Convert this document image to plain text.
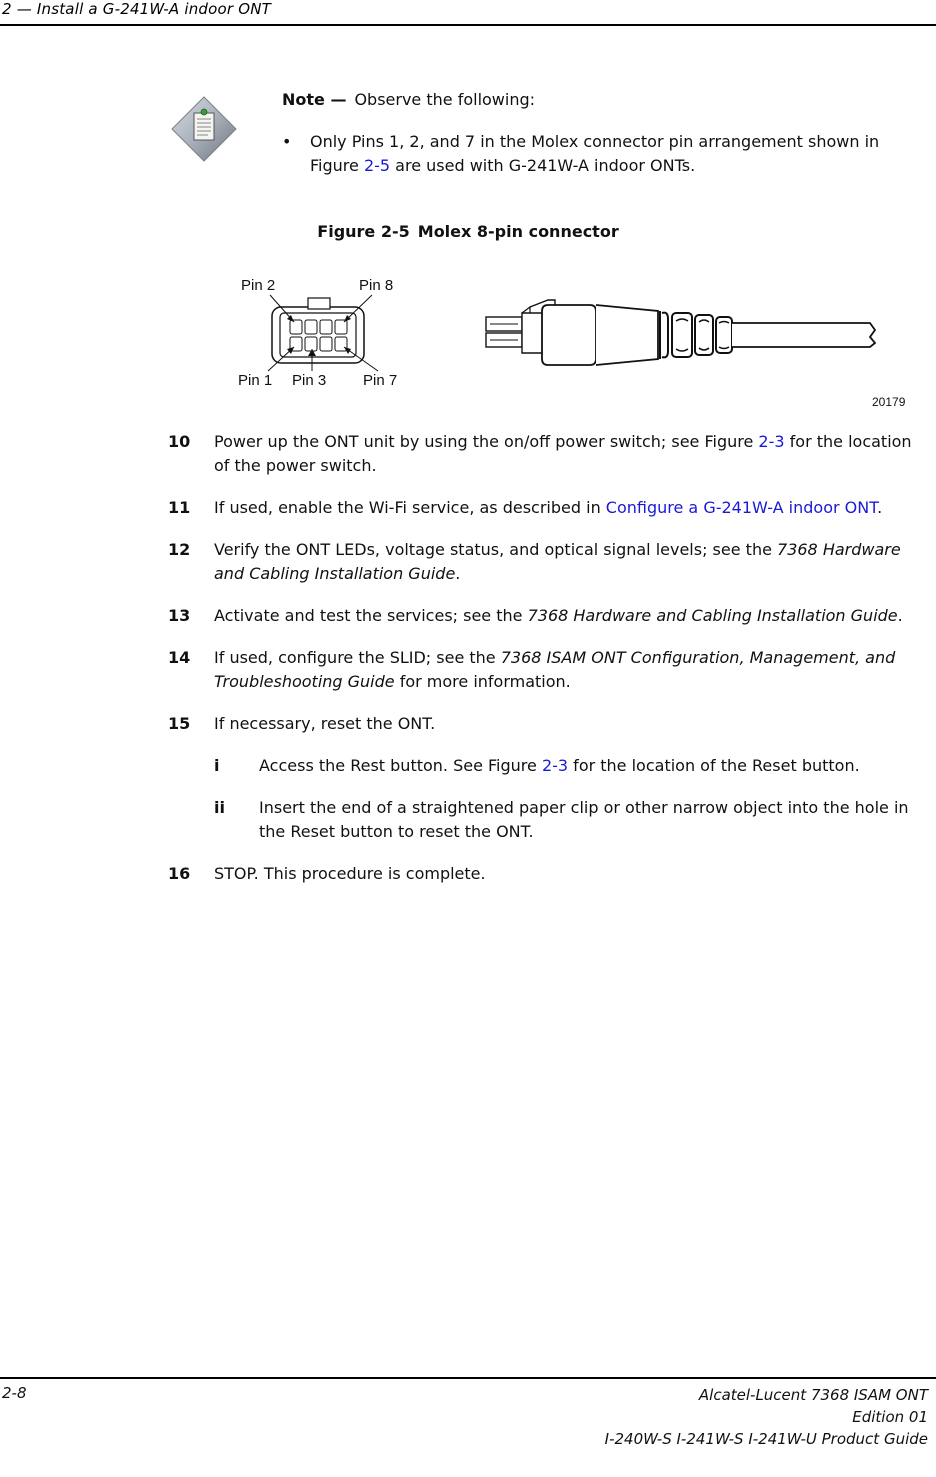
2 — Install a G-241W-A indoor ONT
Note — Observe the following:
• Only Pins 1, 2, and 7 in the Molex connector pin arrangement shown in Figure 2-5 are used with G-241W-A indoor ONTs.
Figure 2-5 Molex 8-pin connector
Pin 2	Pin 8
Pin 1 Pin 3 Pin 7
20179
10 Power up the ONT unit by using the on/off power switch; see Figure 2-3 for the location of the power switch.
11 If used, enable the Wi-Fi service, as described in Configure a G-241W-A indoor ONT.
12 Verify the ONT LEDs, voltage status, and optical signal levels; see the 7368 Hardware and Cabling Installation Guide.
13 Activate and test the services; see the 7368 Hardware and Cabling Installation Guide.
14 If used, configure the SLID; see the 7368 ISAM ONT Configuration, Management, and Troubleshooting Guide for more information.
15 If necessary, reset the ONT.
i Access the Rest button. See Figure 2-3 for the location of the Reset button.
ii Insert the end of a straightened paper clip or other narrow object into the hole in the Reset button to reset the ONT.
16 STOP. This procedure is complete.
2-8	Alcatel-Lucent 7368 ISAM ONT
Edition 01
I-240W-S I-241W-S I-241W-U Product Guide
